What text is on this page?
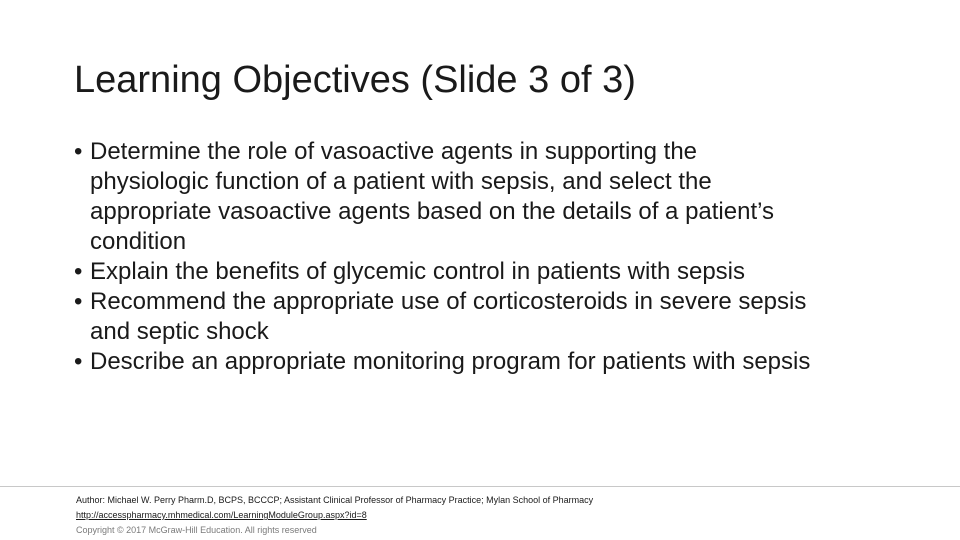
Learning Objectives (Slide 3 of 3)
• Determine the role of vasoactive agents in supporting the physiologic function of a patient with sepsis, and select the appropriate vasoactive agents based on the details of a patient’s condition
• Explain the benefits of glycemic control in patients with sepsis
• Recommend the appropriate use of corticosteroids in severe sepsis and septic shock
• Describe an appropriate monitoring program for patients with sepsis
Author: Michael W. Perry Pharm.D, BCPS, BCCCP; Assistant Clinical Professor of Pharmacy Practice; Mylan School of Pharmacy
http://accesspharmacy.mhmedical.com/LearningModuleGroup.aspx?id=8
Copyright © 2017 McGraw-Hill Education. All rights reserved
